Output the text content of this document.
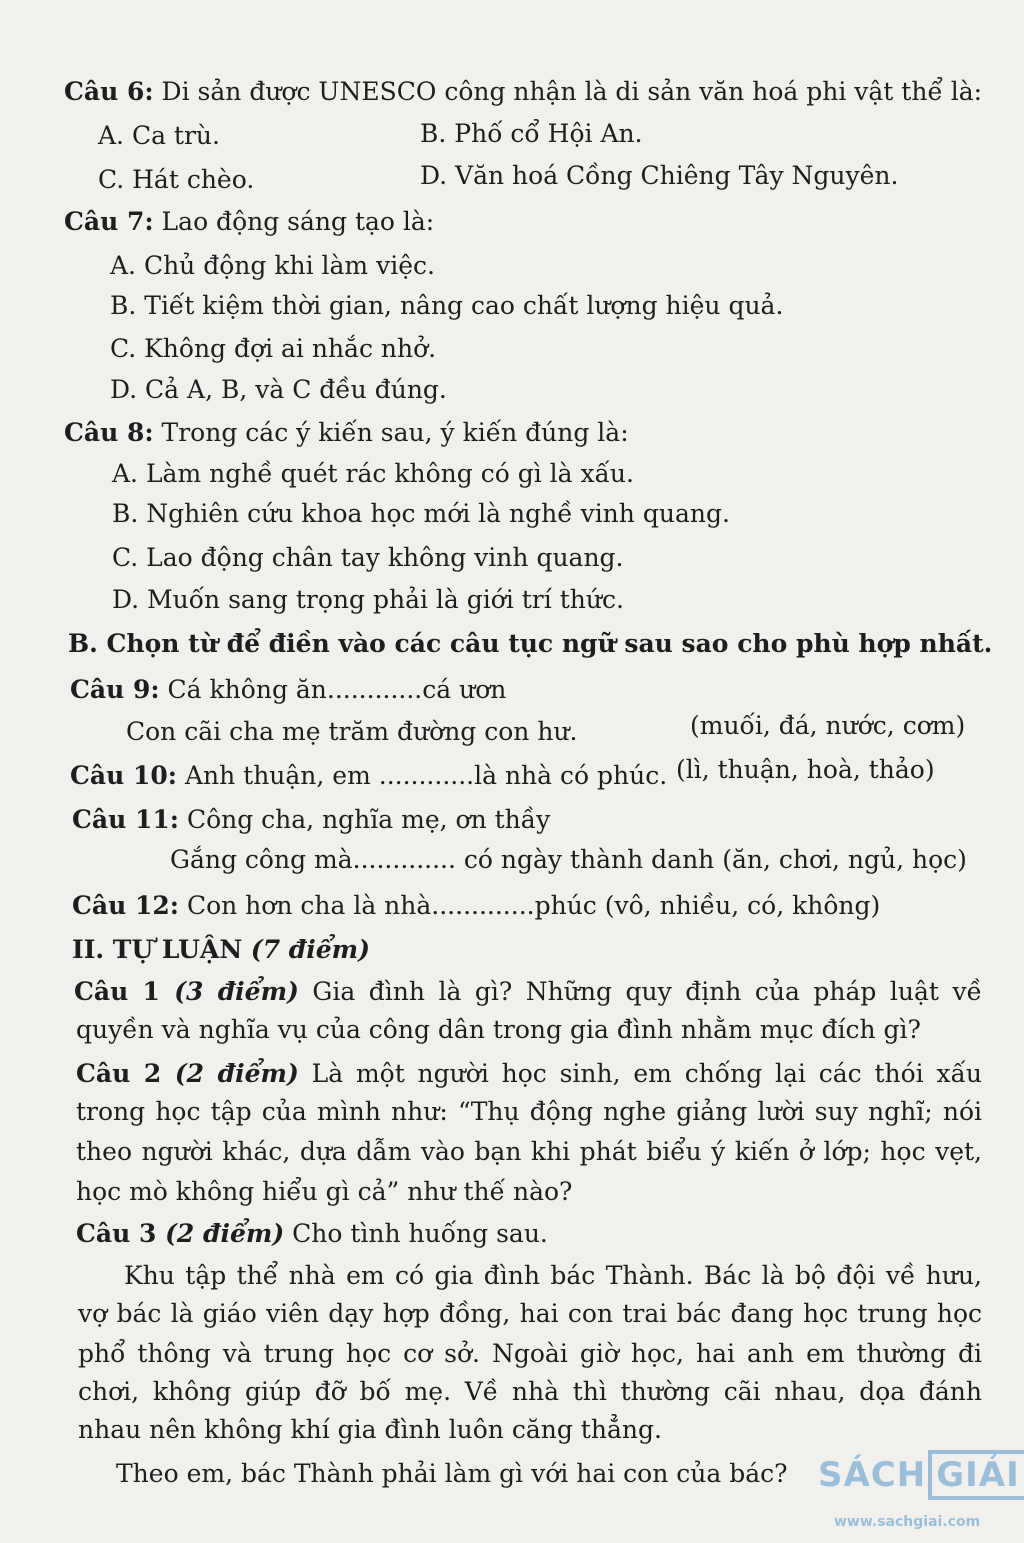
Câu 6: Di sản được UNESCO công nhận là di sản văn hoá phi vật thể là:
A. Ca trù.	B. Phố cổ Hội An.
C. Hát chèo.	D. Văn hoá Cồng Chiêng Tây Nguyên.
Câu 7: Lao động sáng tạo là:
A. Chủ động khi làm việc.
B. Tiết kiệm thời gian, nâng cao chất lượng hiệu quả.
C. Không đợi ai nhắc nhở.
D. Cả A, B, và C đều đúng.
Câu 8: Trong các ý kiến sau, ý kiến đúng là:
A. Làm nghề quét rác không có gì là xấu.
B. Nghiên cứu khoa học mới là nghề vinh quang.
C. Lao động chân tay không vinh quang.
D. Muốn sang trọng phải là giới trí thức.
B. Chọn từ để điền vào các câu tục ngữ sau sao cho phù hợp nhất.
Câu 9: Cá không ăn............cá ươn
Con cãi cha mẹ trăm đường con hư.	(muối, đá, nước, cơm)
Câu 10: Anh thuận, em ............là nhà có phúc. (lì, thuận, hoà, thảo)
Câu 11: Công cha, nghĩa mẹ, ơn thầy
Gắng công mà............. có ngày thành danh (ăn, chơi, ngủ, học)
Câu 12: Con hơn cha là nhà.............phúc (vô, nhiều, có, không)
II. TỰ LUẬN (7 điểm)
Câu 1 (3 điểm) Gia đình là gì? Những quy định của pháp luật về
quyền và nghĩa vụ của công dân trong gia đình nhằm mục đích gì?
Câu 2 (2 điểm) Là một người học sinh, em chống lại các thói xấu
trong học tập của mình như: “Thụ động nghe giảng lười suy nghĩ; nói
theo người khác, dựa dẫm vào bạn khi phát biểu ý kiến ở lớp; học vẹt,
học mò không hiểu gì cả” như thế nào?
Câu 3 (2 điểm) Cho tình huống sau.
Khu tập thể nhà em có gia đình bác Thành. Bác là bộ đội về hưu,
vợ bác là giáo viên dạy hợp đồng, hai con trai bác đang học trung học
phổ thông và trung học cơ sở. Ngoài giờ học, hai anh em thường đi
chơi, không giúp đỡ bố mẹ. Về nhà thì thường cãi nhau, dọa đánh
nhau nên không khí gia đình luôn căng thẳng.
Theo em, bác Thành phải làm gì với hai con của bác? SÁCH GIẢI
www.sachgiai.com
